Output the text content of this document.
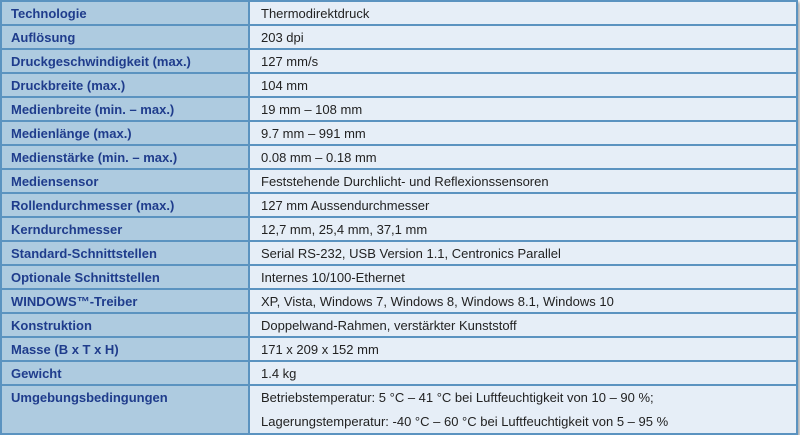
Technologie	Thermodirektdruck
Auflösung	203 dpi
Druckgeschwindigkeit (max.)	127 mm/s
Druckbreite (max.)	104 mm
Medienbreite (min. – max.)	19 mm – 108 mm
Medienlänge (max.)	9.7 mm – 991 mm
Medienstärke (min. – max.)	0.08 mm – 0.18 mm
Mediensensor	Feststehende Durchlicht- und Reflexionssensoren
Rollendurchmesser (max.)	127 mm Aussendurchmesser
Kerndurchmesser	12,7 mm, 25,4 mm, 37,1 mm
Standard-Schnittstellen	Serial RS-232, USB Version 1.1, Centronics Parallel
Optionale Schnittstellen	Internes 10/100-Ethernet
WINDOWS™-Treiber	XP, Vista, Windows 7, Windows 8, Windows 8.1, Windows 10
Konstruktion	Doppelwand-Rahmen, verstärkter Kunststoff
Masse (B x T x H)	171 x 209 x 152 mm
Gewicht	1.4 kg
Umgebungsbedingungen	Betriebstemperatur: 5 °C – 41 °C bei Luftfeuchtigkeit von 10 – 90 %;
Lagerungstemperatur: -40 °C – 60 °C bei Luftfeuchtigkeit von 5 – 95 %
